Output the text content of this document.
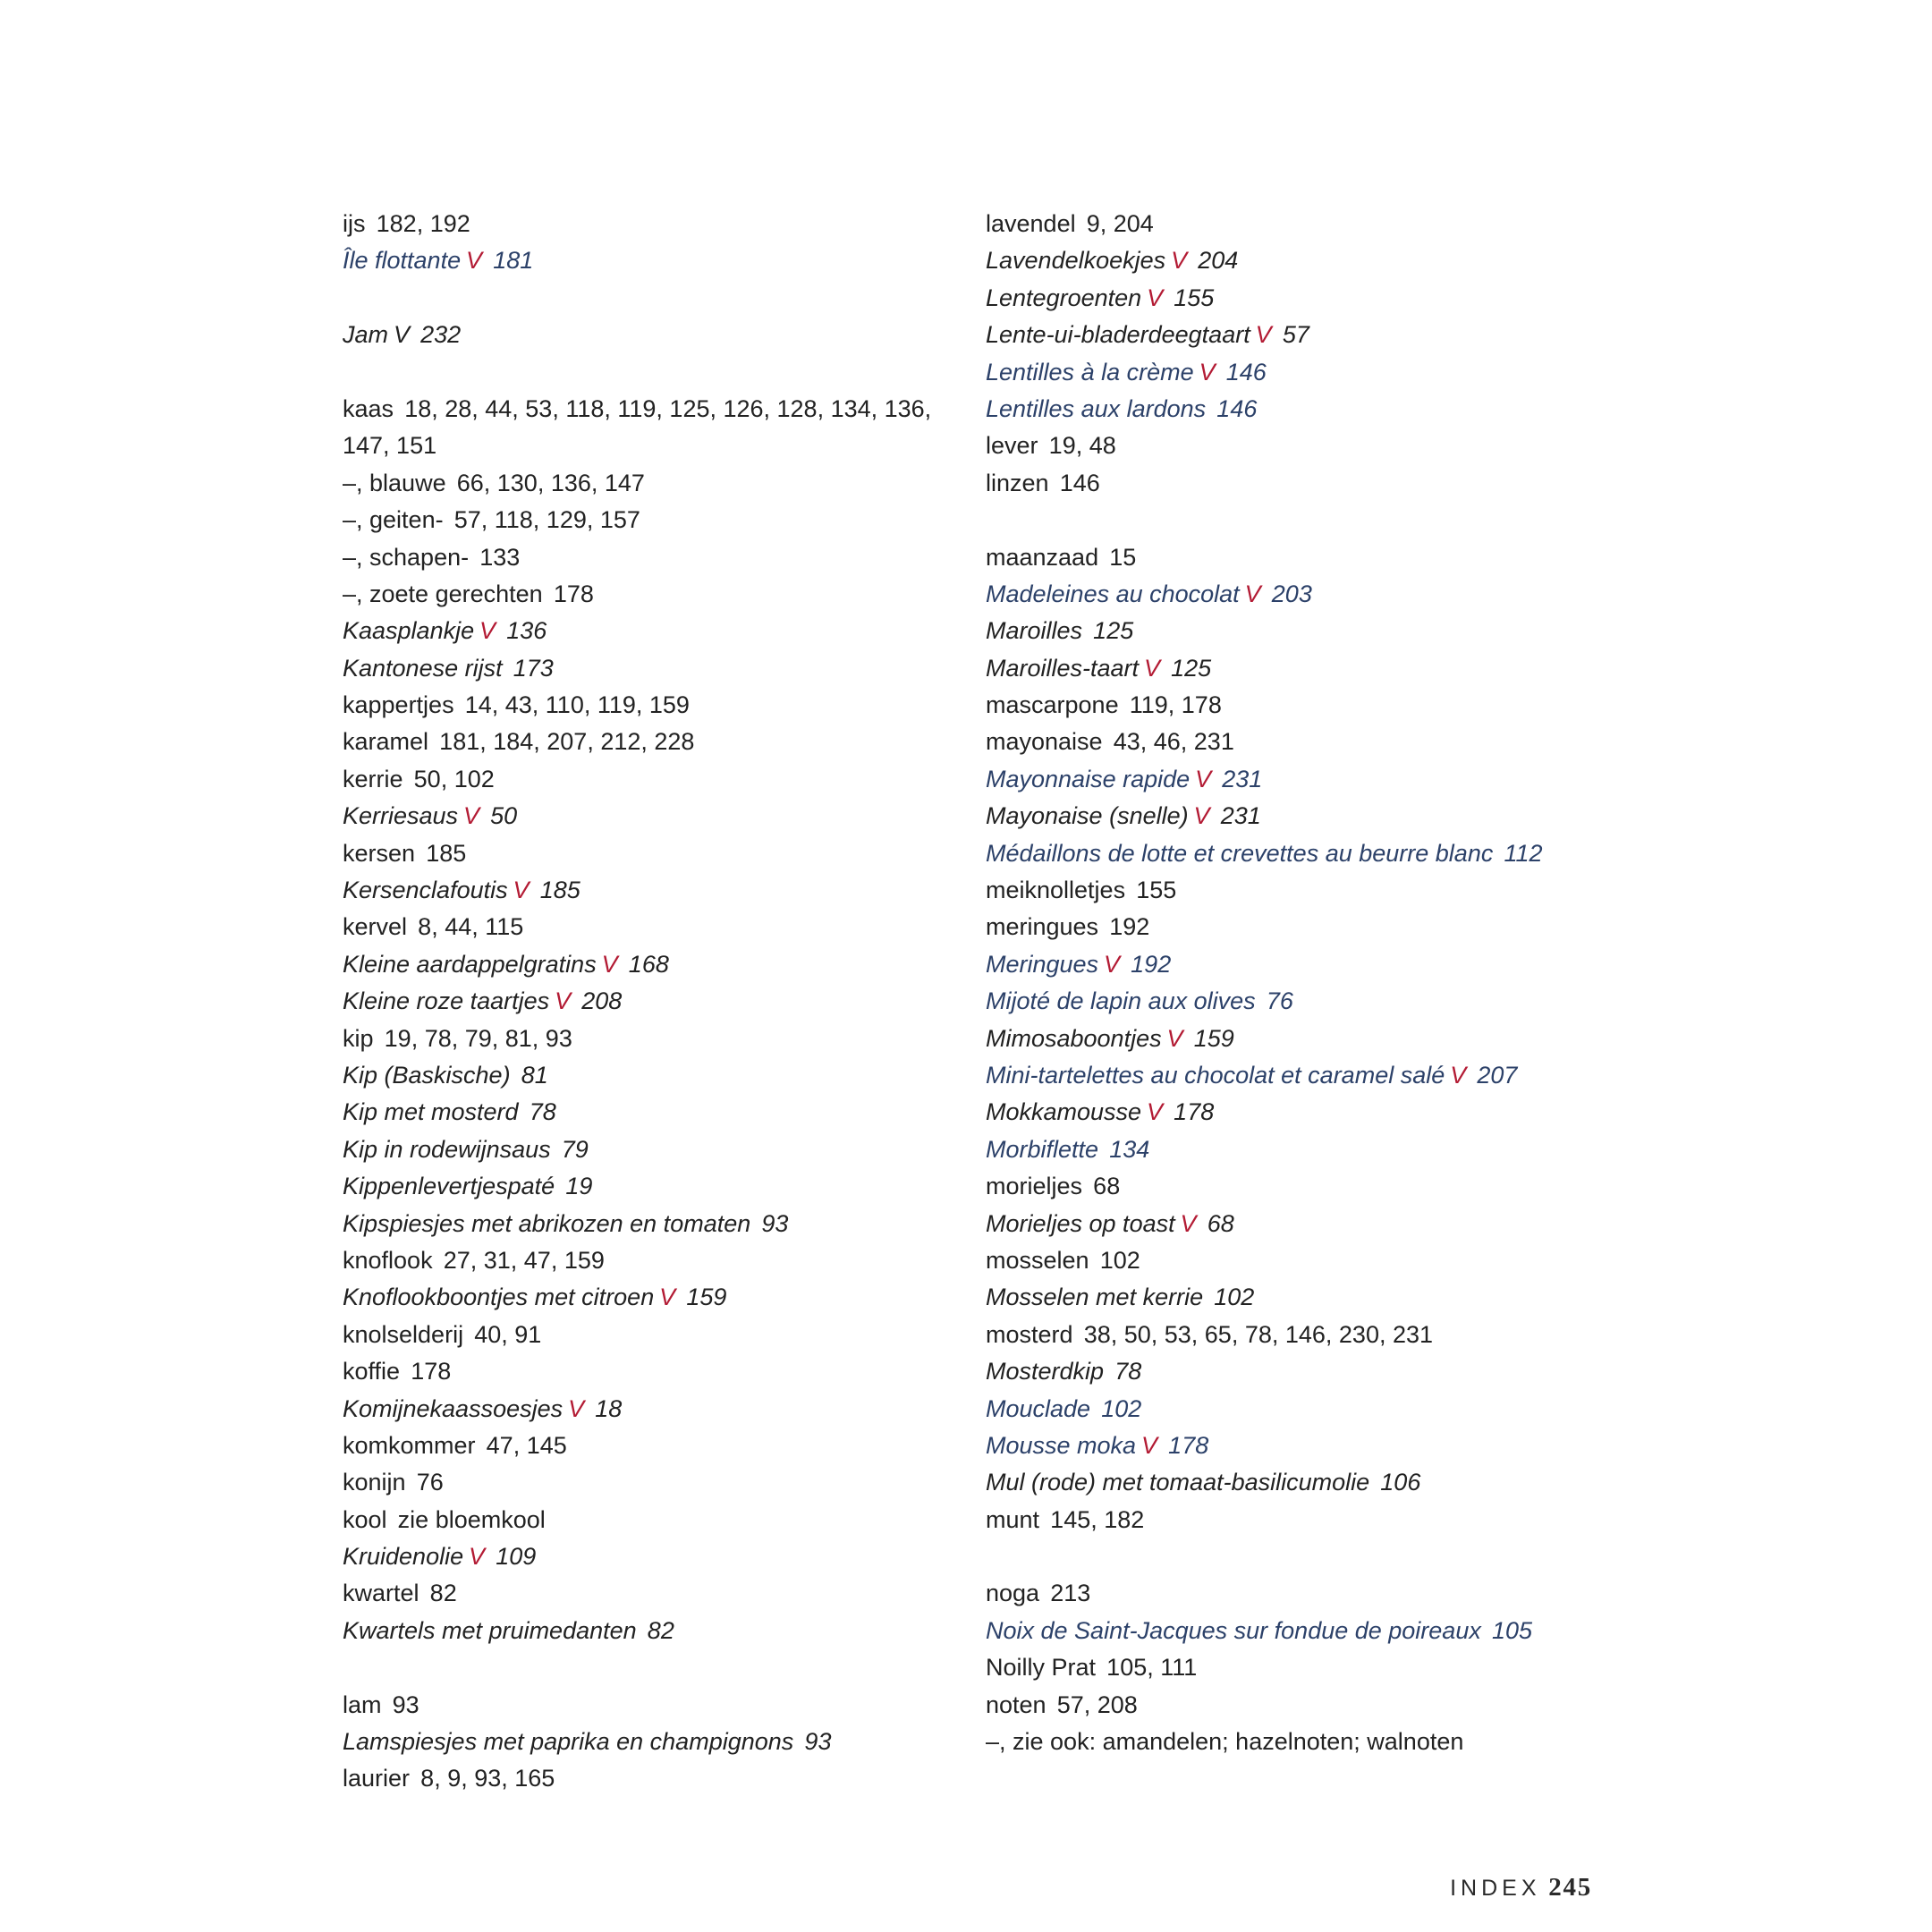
ijs 182, 192
Île flottante V 181
Jam V 232
kaas 18, 28, 44, 53, 118, 119, 125, 126, 128, 134, 136,
147, 151
–, blauwe 66, 130, 136, 147
–, geiten- 57, 118, 129, 157
–, schapen- 133
–, zoete gerechten 178
Kaasplankje V 136
Kantonese rijst 173
kappertjes 14, 43, 110, 119, 159
karamel 181, 184, 207, 212, 228
kerrie 50, 102
Kerriesaus V 50
kersen 185
Kersenclafoutis V 185
kervel 8, 44, 115
Kleine aardappelgratins V 168
Kleine roze taartjes V 208
kip 19, 78, 79, 81, 93
Kip (Baskische) 81
Kip met mosterd 78
Kip in rodewijnsaus 79
Kippenlevertjespaté 19
Kipspiesjes met abrikozen en tomaten 93
knoflook 27, 31, 47, 159
Knoflookboontjes met citroen V 159
knolselderij 40, 91
koffie 178
Komijnekaassoesjes V 18
komkommer 47, 145
konijn 76
kool zie bloemkool
Kruidenolie V 109
kwartel 82
Kwartels met pruimedanten 82
lam 93
Lamspiesjes met paprika en champignons 93
laurier 8, 9, 93, 165
lavendel 9, 204
Lavendelkoekjes V 204
Lentegroenten V 155
Lente-ui-bladerdeegtaart V 57
Lentilles à la crème V 146
Lentilles aux lardons 146
lever 19, 48
linzen 146
maanzaad 15
Madeleines au chocolat V 203
Maroilles 125
Maroilles-taart V 125
mascarpone 119, 178
mayonaise 43, 46, 231
Mayonnaise rapide V 231
Mayonaise (snelle) V 231
Médaillons de lotte et crevettes au beurre blanc 112
meiknolletjes 155
meringues 192
Meringues V 192
Mijoté de lapin aux olives 76
Mimosaboontjes V 159
Mini-tartelettes au chocolat et caramel salé V 207
Mokkamousse V 178
Morbiflette 134
morieljes 68
Morieljes op toast V 68
mosselen 102
Mosselen met kerrie 102
mosterd 38, 50, 53, 65, 78, 146, 230, 231
Mosterdkip 78
Mouclade 102
Mousse moka V 178
Mul (rode) met tomaat-basilicumolie 106
munt 145, 182
noga 213
Noix de Saint-Jacques sur fondue de poireaux 105
Noilly Prat 105, 111
noten 57, 208
–, zie ook: amandelen; hazelnoten; walnoten
INDEX 245
